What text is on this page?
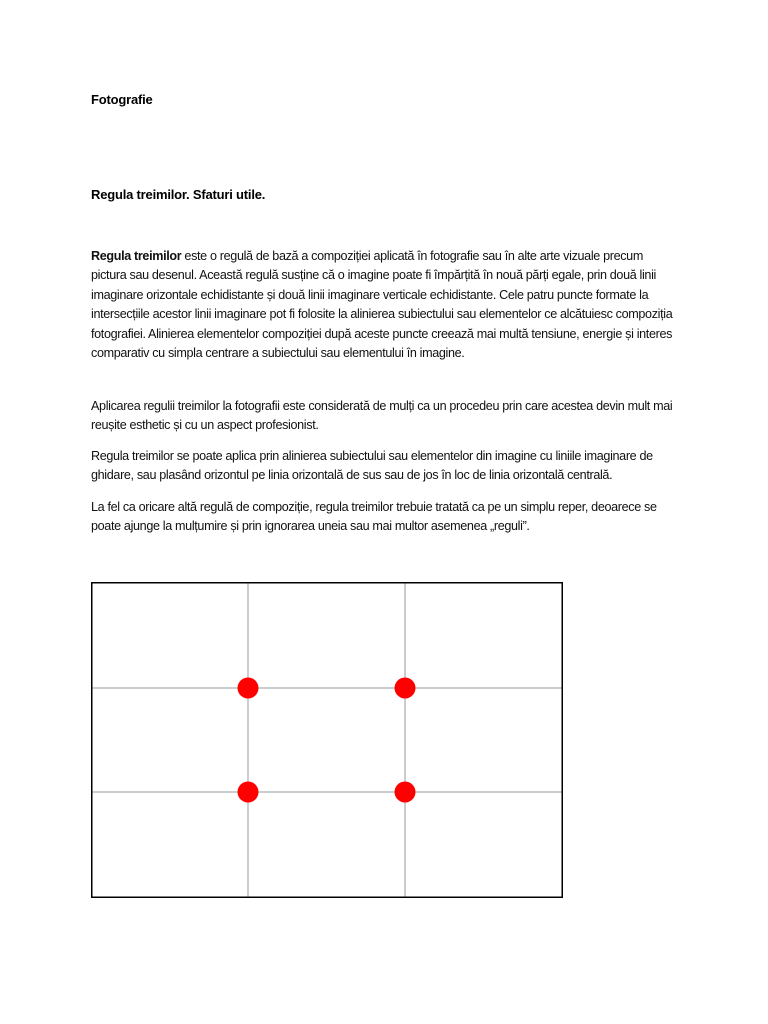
Fotografie
Regula treimilor. Sfaturi utile.
Regula treimilor este o regulă de bază a compoziției aplicată în fotografie sau în alte arte vizuale precum pictura sau desenul. Această regulă susține că o imagine poate fi împărțită în nouă părți egale, prin două linii imaginare orizontale echidistante și două linii imaginare verticale echidistante. Cele patru puncte formate la intersecțiile acestor linii imaginare pot fi folosite la alinierea subiectului sau elementelor ce alcătuiesc compoziția fotografiei. Alinierea elementelor compoziției după aceste puncte creează mai multă tensiune, energie și interes comparativ cu simpla centrare a subiectului sau elementului în imagine.
Aplicarea regulii treimilor la fotografii este considerată de mulți ca un procedeu prin care acestea devin mult mai reușite esthetic și cu un aspect profesionist.
Regula treimilor se poate aplica prin alinierea subiectului sau elementelor din imagine cu liniile imaginare de ghidare, sau plasând orizontul pe linia orizontală de sus sau de jos în loc de linia orizontală centrală.
La fel ca oricare altă regulă de compoziție, regula treimilor trebuie tratată ca pe un simplu reper, deoarece se poate ajunge la mulțumire și prin ignorarea uneia sau mai multor asemenea „reguli”.
